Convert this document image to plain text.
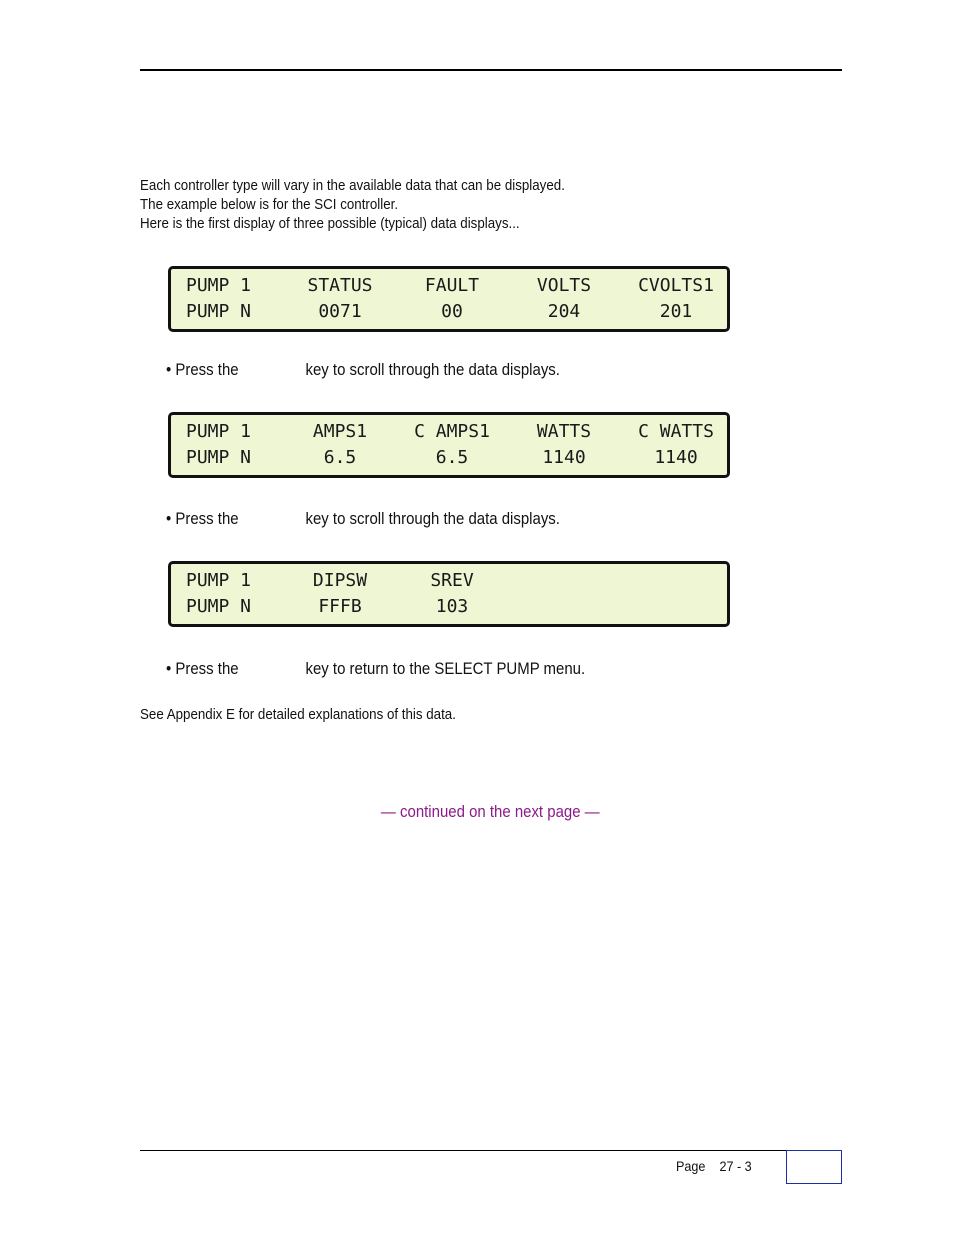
Each controller type will vary in the available data that can be displayed.
The example below is for the SCI controller.
Here is the first display of three possible (typical) data displays...
PUMP 1	STATUS	FAULT	VOLTS	CVOLTS1
PUMP N	0071	00	204	201
• Press the	key to scroll through the data displays.
PUMP 1	AMPS1	C AMPS1	WATTS	C WATTS
PUMP N	6.5	6.5	1140	1140
• Press the	key to scroll through the data displays.
PUMP 1	DIPSW	SREV
PUMP N	FFFB	103
• Press the	key to return to the SELECT PUMP menu.
See Appendix E for detailed explanations of this data.
— continued on the next page —
Page 27 - 3
